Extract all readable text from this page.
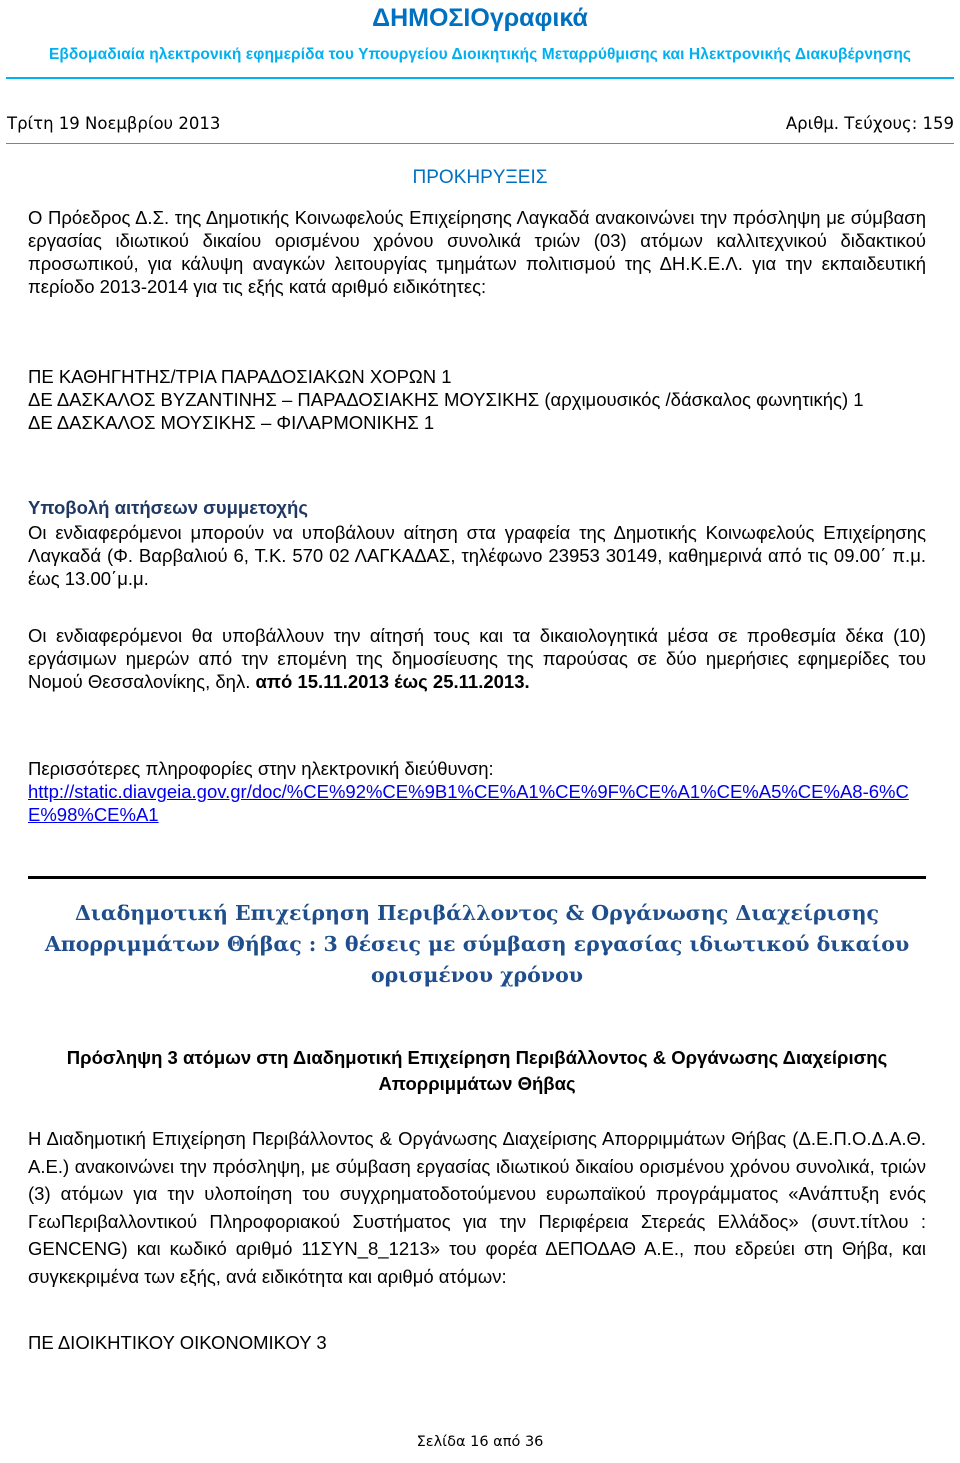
ΔΗΜΟΣΙΟγραφικά
Εβδομαδιαία ηλεκτρονική εφημερίδα του Υπουργείου Διοικητικής Μεταρρύθμισης και Ηλεκτρονικής Διακυβέρνησης
Τρίτη 19 Νοεμβρίου 2013	Αριθμ. Τεύχους: 159
ΠΡΟΚΗΡΥΞΕΙΣ
Ο Πρόεδρος Δ.Σ. της Δημοτικής Κοινωφελούς Επιχείρησης Λαγκαδά ανακοινώνει την πρόσληψη με σύμβαση εργασίας ιδιωτικού δικαίου ορισμένου χρόνου συνολικά τριών (03) ατόμων καλλιτεχνικού διδακτικού προσωπικού, για κάλυψη αναγκών λειτουργίας τμημάτων πολιτισμού της ΔΗ.Κ.Ε.Λ. για την εκπαιδευτική περίοδο 2013-2014 για τις εξής κατά αριθμό ειδικότητες:
ΠΕ ΚΑΘΗΓΗΤΗΣ/ΤΡΙΑ ΠΑΡΑΔΟΣΙΑΚΩΝ ΧΟΡΩΝ 1
ΔΕ ΔΑΣΚΑΛΟΣ ΒΥΖΑΝΤΙΝΗΣ – ΠΑΡΑΔΟΣΙΑΚΗΣ ΜΟΥΣΙΚΗΣ (αρχιμουσικός /δάσκαλος φωνητικής) 1
ΔΕ ΔΑΣΚΑΛΟΣ ΜΟΥΣΙΚΗΣ – ΦΙΛΑΡΜΟΝΙΚΗΣ 1
Υποβολή αιτήσεων συμμετοχής
Οι ενδιαφερόμενοι μπορούν να υποβάλουν αίτηση στα γραφεία της Δημοτικής Κοινωφελούς Επιχείρησης Λαγκαδά (Φ. Βαρβαλιού 6, Τ.Κ. 570 02 ΛΑΓΚΑΔΑΣ, τηλέφωνο 23953 30149, καθημερινά από τις 09.00΄ π.μ. έως 13.00΄μ.μ.
Οι ενδιαφερόμενοι θα υποβάλλουν την αίτησή τους και τα δικαιολογητικά μέσα σε προθεσμία δέκα (10) εργάσιμων ημερών από την επομένη της δημοσίευσης της παρούσας σε δύο ημερήσιες εφημερίδες του Νομού Θεσσαλονίκης, δηλ. από 15.11.2013 έως 25.11.2013.
Περισσότερες πληροφορίες στην ηλεκτρονική διεύθυνση:
http://static.diavgeia.gov.gr/doc/%CE%92%CE%9B1%CE%A1%CE%9F%CE%A1%CE%A5%CE%A8-6%CE%98%CE%A1
Διαδημοτική Επιχείρηση Περιβάλλοντος & Οργάνωσης Διαχείρισης Απορριμμάτων Θήβας : 3 θέσεις με σύμβαση εργασίας ιδιωτικού δικαίου ορισμένου χρόνου
Πρόσληψη 3 ατόμων στη Διαδημοτική Επιχείρηση Περιβάλλοντος & Οργάνωσης Διαχείρισης Απορριμμάτων Θήβας
Η Διαδημοτική Επιχείρηση Περιβάλλοντος & Οργάνωσης Διαχείρισης Απορριμμάτων Θήβας (Δ.Ε.Π.Ο.Δ.Α.Θ. Α.Ε.) ανακοινώνει την πρόσληψη, με σύμβαση εργασίας ιδιωτικού δικαίου ορισμένου χρόνου συνολικά, τριών (3) ατόμων για την υλοποίηση του συγχρηματοδοτούμενου ευρωπαϊκού προγράμματος «Ανάπτυξη ενός ΓεωΠεριβαλλοντικού Πληροφοριακού Συστήματος για την Περιφέρεια Στερεάς Ελλάδος» (συντ.τίτλου : GENCENG) και κωδικό αριθμό 11ΣΥΝ_8_1213» του φορέα ΔΕΠΟΔΑΘ Α.Ε., που εδρεύει στη Θήβα, και συγκεκριμένα των εξής, ανά ειδικότητα και αριθμό ατόμων:
ΠΕ ΔΙΟΙΚΗΤΙΚΟΥ ΟΙΚΟΝΟΜΙΚΟΥ 3
Σελίδα 16 από 36
